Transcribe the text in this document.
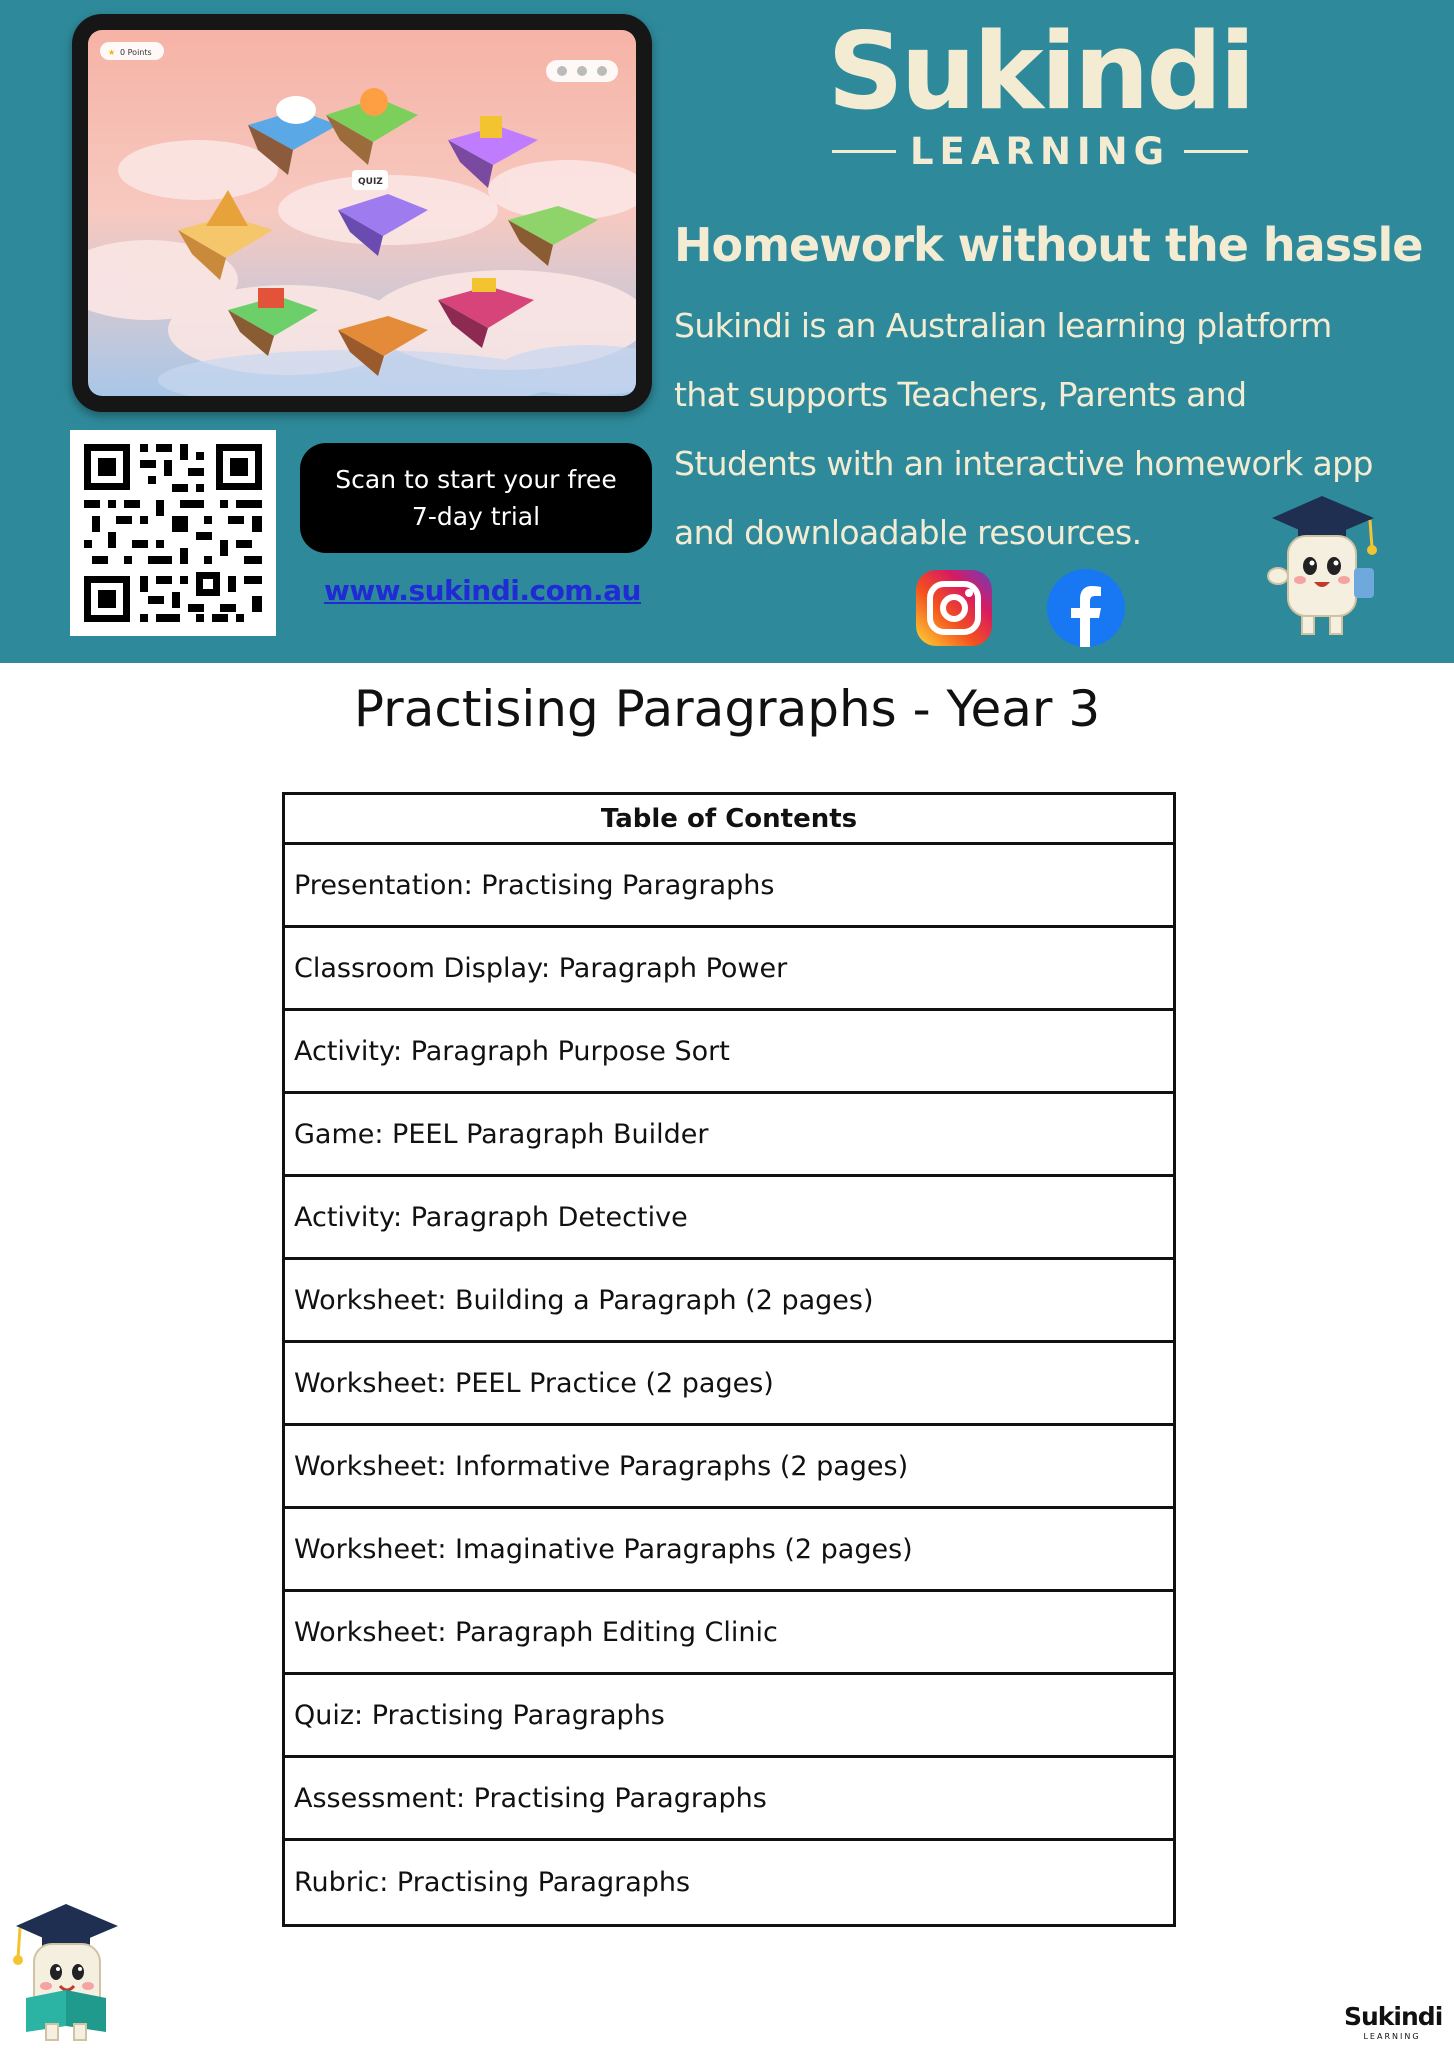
★ 0 Points
QUIZ
Scan to start your free 7-day trial
www.sukindi.com.au
Sukindi
LEARNING
Homework without the hassle
Sukindi is an Australian learning platform that supports Teachers, Parents and Students with an interactive homework app and downloadable resources.
Practising Paragraphs - Year 3
Table of Contents
Presentation: Practising Paragraphs
Classroom Display: Paragraph Power
Activity: Paragraph Purpose Sort
Game: PEEL Paragraph Builder
Activity: Paragraph Detective
Worksheet: Building a Paragraph (2 pages)
Worksheet: PEEL Practice (2 pages)
Worksheet: Informative Paragraphs (2 pages)
Worksheet: Imaginative Paragraphs (2 pages)
Worksheet: Paragraph Editing Clinic
Quiz: Practising Paragraphs
Assessment: Practising Paragraphs
Rubric: Practising Paragraphs
Sukindi
LEARNING
